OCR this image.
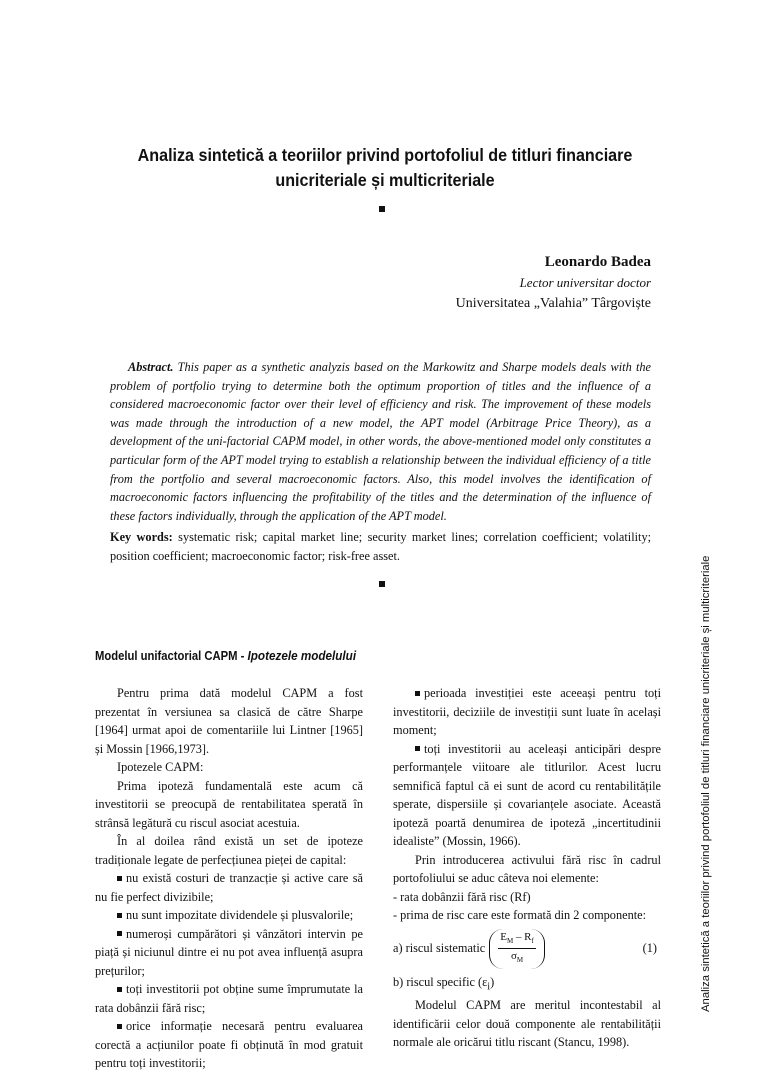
Analiza sintetică a teoriilor privind portofoliul de titluri financiare
unicriteriale și multicriteriale
Leonardo Badea
Lector universitar doctor
Universitatea „Valahia” Târgoviște
Abstract. This paper as a synthetic analyzis based on the Markowitz and Sharpe models deals with the problem of portfolio trying to determine both the optimum proportion of titles and the influence of a considered macroeconomic factor over their level of efficiency and risk. The improvement of these models was made through the introduction of a new model, the APT model (Arbitrage Price Theory), as a development of the uni-factorial CAPM model, in other words, the above-mentioned model only constitutes a particular form of the APT model trying to establish a relationship between the individual efficiency of a title from the portfolio and several macroeconomic factors. Also, this model involves the identification of macroeconomic factors influencing the profitability of the titles and the determination of the influence of these factors individually, through the application of the APT model.
Key words: systematic risk; capital market line; security market lines; correlation coefficient; volatility; position coefficient; macroeconomic factor; risk-free asset.	Analiza sintetică a teoriilor privind portofoliul de titluri financiare unicriteriale și multicriteriale
Modelul unifactorial CAPM - Ipotezele modelului

Pentru prima dată modelul CAPM a fost prezentat în versiunea sa clasică de către Sharpe [1964] urmat apoi de comentariile lui Lintner [1965] și Mossin [1966,1973].

Ipotezele CAPM:

Prima ipoteză fundamentală este acum că investitorii se preocupă de rentabilitatea sperată în strânsă legătură cu riscul asociat acestuia.

În al doilea rând există un set de ipoteze tradiționale legate de perfecțiunea pieței de capital:

nu există costuri de tranzacție și active care să nu fie perfect divizibile;

nu sunt impozitate dividendele și plusvalorile;

numeroși cumpărători și vânzători intervin pe piață și niciunul dintre ei nu pot avea influență asupra prețurilor;

toți investitorii pot obține sume împrumutate la rata dobânzii fără risc;

orice informație necesară pentru evaluarea corectă a acțiunilor poate fi obținută în mod gratuit pentru toți investitorii;

perioada investiției este aceeași pentru toți investitorii, deciziile de investiții sunt luate în același moment;

toți investitorii au aceleași anticipări despre performanțele viitoare ale titlurilor. Acest lucru semnifică faptul că ei sunt de acord cu rentabilitățile sperate, dispersiile și covarianțele asociate. Această ipoteză poartă denumirea de ipoteză „incertitudinii idealiste” (Mossin, 1966).

Prin introducerea activului fără risc în cadrul portofoliului se aduc câteva noi elemente:

- rata dobânzii fără risc (Rf)

- prima de risc care este formată din 2 componente:

a) riscul sistematic $\frac{E_M - R_f}{\sigma_M}$	(1)

b) riscul specific $(\varepsilon_i)$

Modelul CAPM are meritul incontestabil al identificării celor două componente ale rentabilității normale ale oricărui titlu riscant (Stancu, 1998).
